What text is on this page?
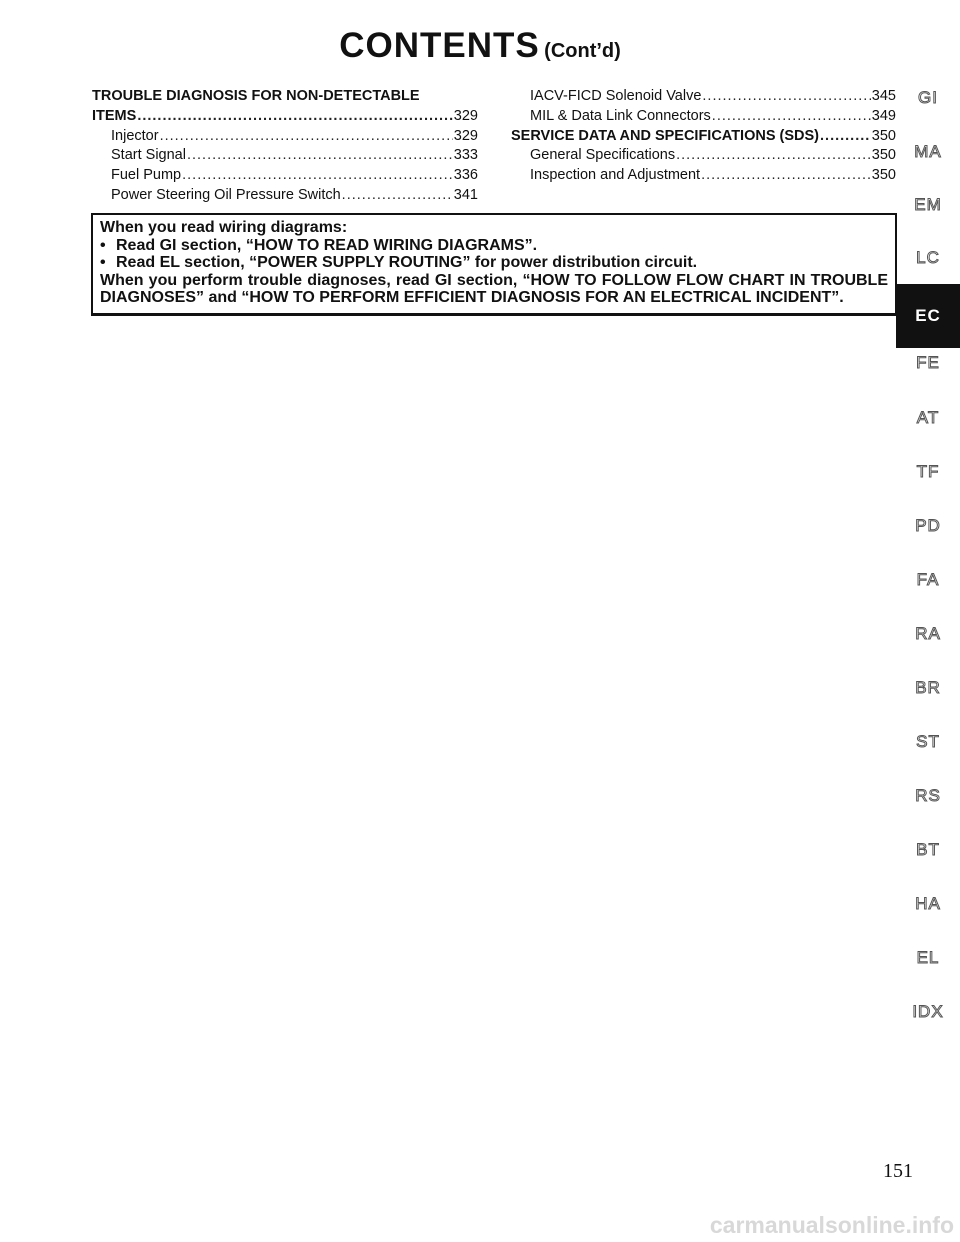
CONTENTS (Cont’d)
TROUBLE DIAGNOSIS FOR NON-DETECTABLE
ITEMS .....	329
Injector .....	329
Start Signal .....	333
Fuel Pump .....	336
Power Steering Oil Pressure Switch .....	341
IACV-FICD Solenoid Valve .....	345
MIL & Data Link Connectors .....	349
SERVICE DATA AND SPECIFICATIONS (SDS) .....	350
General Specifications .....	350
Inspection and Adjustment .....	350
When you read wiring diagrams:
• Read GI section, “HOW TO READ WIRING DIAGRAMS”.
• Read EL section, “POWER SUPPLY ROUTING” for power distribution circuit.
When you perform trouble diagnoses, read GI section, “HOW TO FOLLOW FLOW CHART IN TROUBLE DIAGNOSES” and “HOW TO PERFORM EFFICIENT DIAGNOSIS FOR AN ELECTRICAL INCIDENT”.
GI
MA
EM
LC
EC
FE
AT
TF
PD
FA
RA
BR
ST
RS
BT
HA
EL
IDX
151
carmanualsonline.info
